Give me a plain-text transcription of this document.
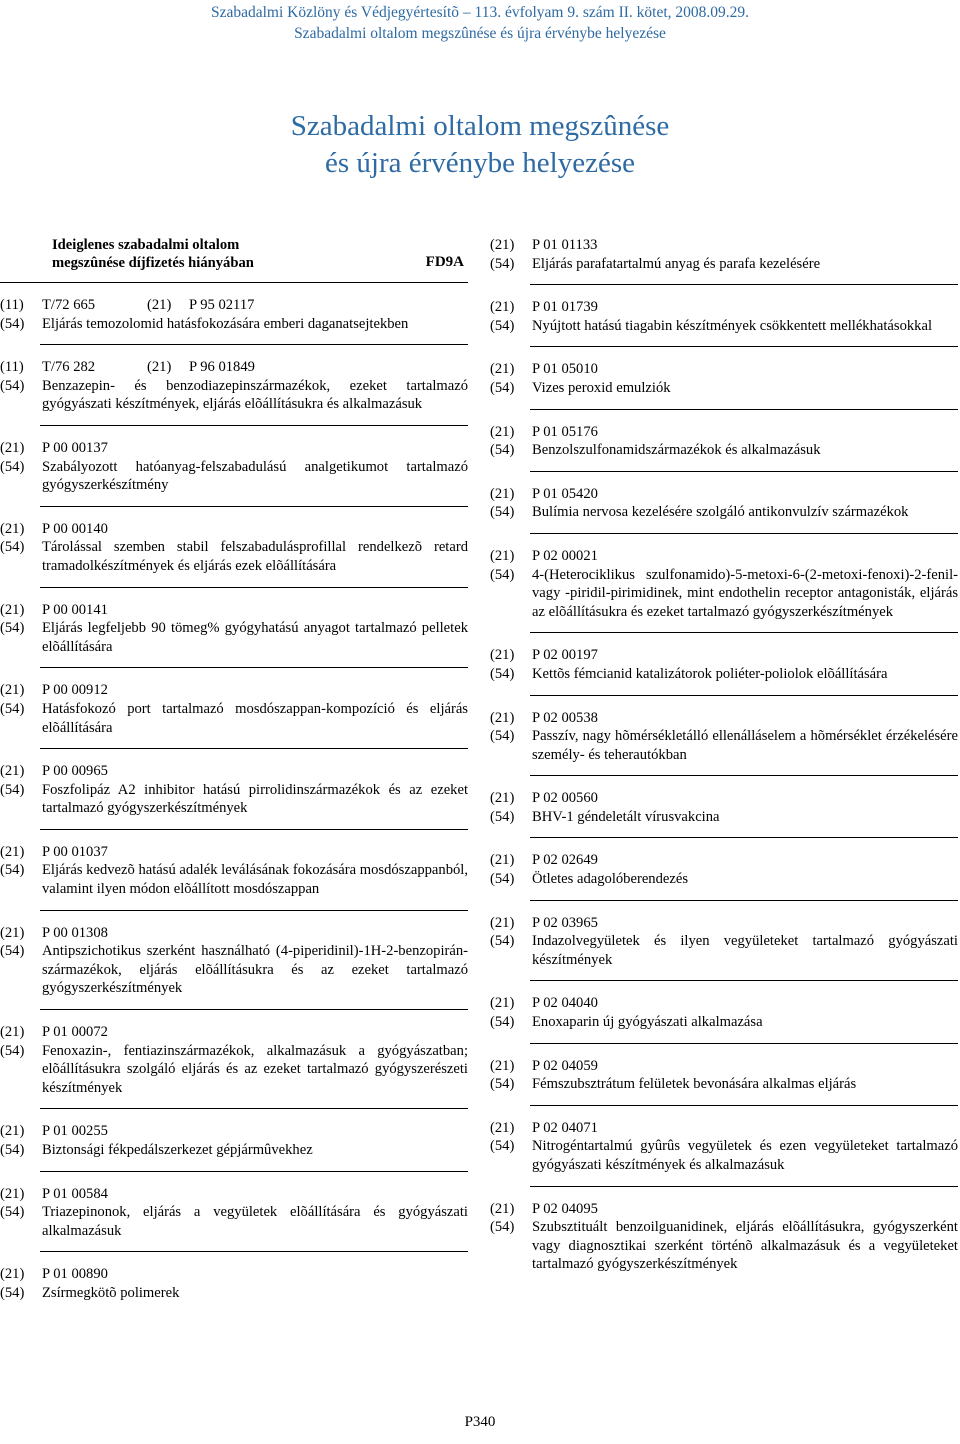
Szabadalmi Közlöny és Védjegyértesítõ – 113. évfolyam 9. szám II. kötet, 2008.09.29.
Szabadalmi oltalom megszûnése és újra érvénybe helyezése
Szabadalmi oltalom megszûnése
és újra érvénybe helyezése
Ideiglenes szabadalmi oltalom
megszûnése díjfizetés hiányában	FD9A
(11)	T/72 665	(21)	P 95 02117
(54)	Eljárás temozolomid hatásfokozására emberi daganatsejtekben
(11)	T/76 282	(21)	P 96 01849
(54)	Benzazepin- és benzodiazepinszármazékok, ezeket tartalmazó gyógyászati készítmények, eljárás elõállításukra és alkalmazásuk
(21)	P 00 00137
(54)	Szabályozott hatóanyag-felszabadulású analgetikumot tartalmazó gyógyszerkészítmény
(21)	P 00 00140
(54)	Tárolással szemben stabil felszabadulásprofillal rendelkezõ retard tramadolkészítmények és eljárás ezek elõállítására
(21)	P 00 00141
(54)	Eljárás legfeljebb 90 tömeg% gyógyhatású anyagot tartalmazó pelletek elõállítására
(21)	P 00 00912
(54)	Hatásfokozó port tartalmazó mosdószappan-kompozíció és eljárás elõállítására
(21)	P 00 00965
(54)	Foszfolipáz A2 inhibitor hatású pirrolidinszármazékok és az ezeket tartalmazó gyógyszerkészítmények
(21)	P 00 01037
(54)	Eljárás kedvezõ hatású adalék leválásának fokozására mosdószappanból, valamint ilyen módon elõállított mosdószappan
(21)	P 00 01308
(54)	Antipszichotikus szerként használható (4-piperidinil)-1H-2-benzopirán-származékok, eljárás elõállításukra és az ezeket tartalmazó gyógyszerkészítmények
(21)	P 01 00072
(54)	Fenoxazin-, fentiazinszármazékok, alkalmazásuk a gyógyászatban; elõállításukra szolgáló eljárás és az ezeket tartalmazó gyógyszerészeti készítmények
(21)	P 01 00255
(54)	Biztonsági fékpedálszerkezet gépjármûvekhez
(21)	P 01 00584
(54)	Triazepinonok, eljárás a vegyületek elõállítására és gyógyászati alkalmazásuk
(21)	P 01 00890
(54)	Zsírmegkötõ polimerek
(21)	P 01 01133
(54)	Eljárás parafatartalmú anyag és parafa kezelésére
(21)	P 01 01739
(54)	Nyújtott hatású tiagabin készítmények csökkentett mellékhatásokkal
(21)	P 01 05010
(54)	Vizes peroxid emulziók
(21)	P 01 05176
(54)	Benzolszulfonamidszármazékok és alkalmazásuk
(21)	P 01 05420
(54)	Bulímia nervosa kezelésére szolgáló antikonvulzív származékok
(21)	P 02 00021
(54)	4-(Heterociklikus szulfonamido)-5-metoxi-6-(2-metoxi-fenoxi)-2-fenil- vagy -piridil-pirimidinek, mint endothelin receptor antagonisták, eljárás az elõállításukra és ezeket tartalmazó gyógyszerkészítmények
(21)	P 02 00197
(54)	Kettõs fémcianid katalizátorok poliéter-poliolok elõállítására
(21)	P 02 00538
(54)	Passzív, nagy hõmérsékletálló ellenálláselem a hõmérséklet érzékelésére személy- és teherautókban
(21)	P 02 00560
(54)	BHV-1 géndeletált vírusvakcina
(21)	P 02 02649
(54)	Ötletes adagolóberendezés
(21)	P 02 03965
(54)	Indazolvegyületek és ilyen vegyületeket tartalmazó gyógyászati készítmények
(21)	P 02 04040
(54)	Enoxaparin új gyógyászati alkalmazása
(21)	P 02 04059
(54)	Fémszubsztrátum felületek bevonására alkalmas eljárás
(21)	P 02 04071
(54)	Nitrogéntartalmú gyûrûs vegyületek és ezen vegyületeket tartalmazó gyógyászati készítmények és alkalmazásuk
(21)	P 02 04095
(54)	Szubsztituált benzoilguanidinek, eljárás elõállításukra, gyógyszerként vagy diagnosztikai szerként történõ alkalmazásuk és a vegyületeket tartalmazó gyógyszerkészítmények
P340
